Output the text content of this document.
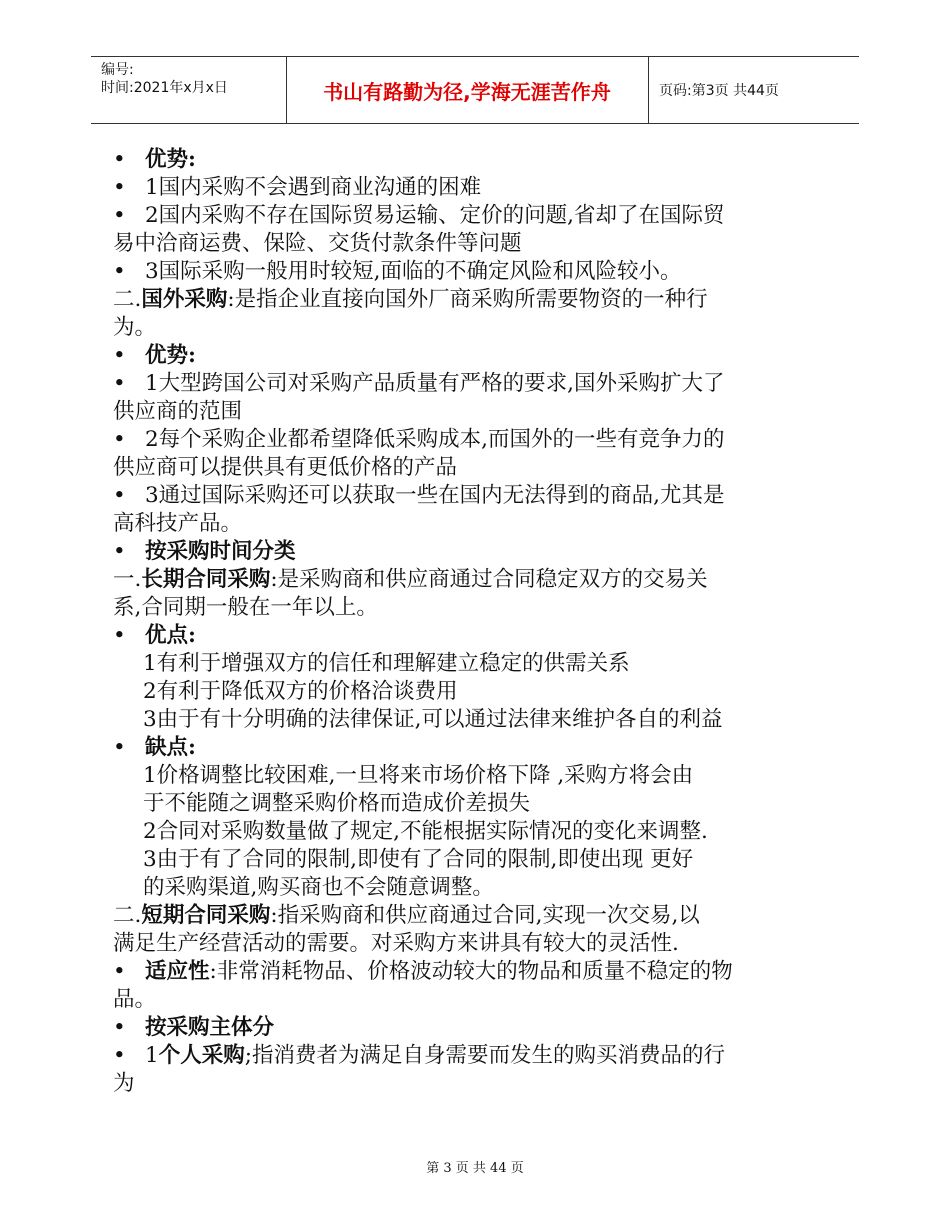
编号:
时间:2021年x月x日	书山有路勤为径,学海无涯苦作舟	页码:第3页 共44页
• 优势:
• 1国内采购不会遇到商业沟通的困难
• 2国内采购不存在国际贸易运输、定价的问题,省却了在国际贸
易中洽商运费、保险、交货付款条件等问题
• 3国际采购一般用时较短,面临的不确定风险和风险较小。
二.国外采购:是指企业直接向国外厂商采购所需要物资的一种行
为。
• 优势:
• 1大型跨国公司对采购产品质量有严格的要求,国外采购扩大了
供应商的范围
• 2每个采购企业都希望降低采购成本,而国外的一些有竞争力的
供应商可以提供具有更低价格的产品
• 3通过国际采购还可以获取一些在国内无法得到的商品,尤其是
高科技产品。
• 按采购时间分类
一.长期合同采购:是采购商和供应商通过合同稳定双方的交易关
系,合同期一般在一年以上。
• 优点:
1有利于增强双方的信任和理解建立稳定的供需关系
2有利于降低双方的价格洽谈费用
3由于有十分明确的法律保证,可以通过法律来维护各自的利益
• 缺点:
1价格调整比较困难,一旦将来市场价格下降 ,采购方将会由
于不能随之调整采购价格而造成价差损失
2合同对采购数量做了规定,不能根据实际情况的变化来调整.
3由于有了合同的限制,即使有了合同的限制,即使出现 更好
的采购渠道,购买商也不会随意调整。
二.短期合同采购:指采购商和供应商通过合同,实现一次交易,以
满足生产经营活动的需要。对采购方来讲具有较大的灵活性.
• 适应性:非常消耗物品、价格波动较大的物品和质量不稳定的物
品。
• 按采购主体分
• 1个人采购;指消费者为满足自身需要而发生的购买消费品的行
为
第 3 页 共 44 页
